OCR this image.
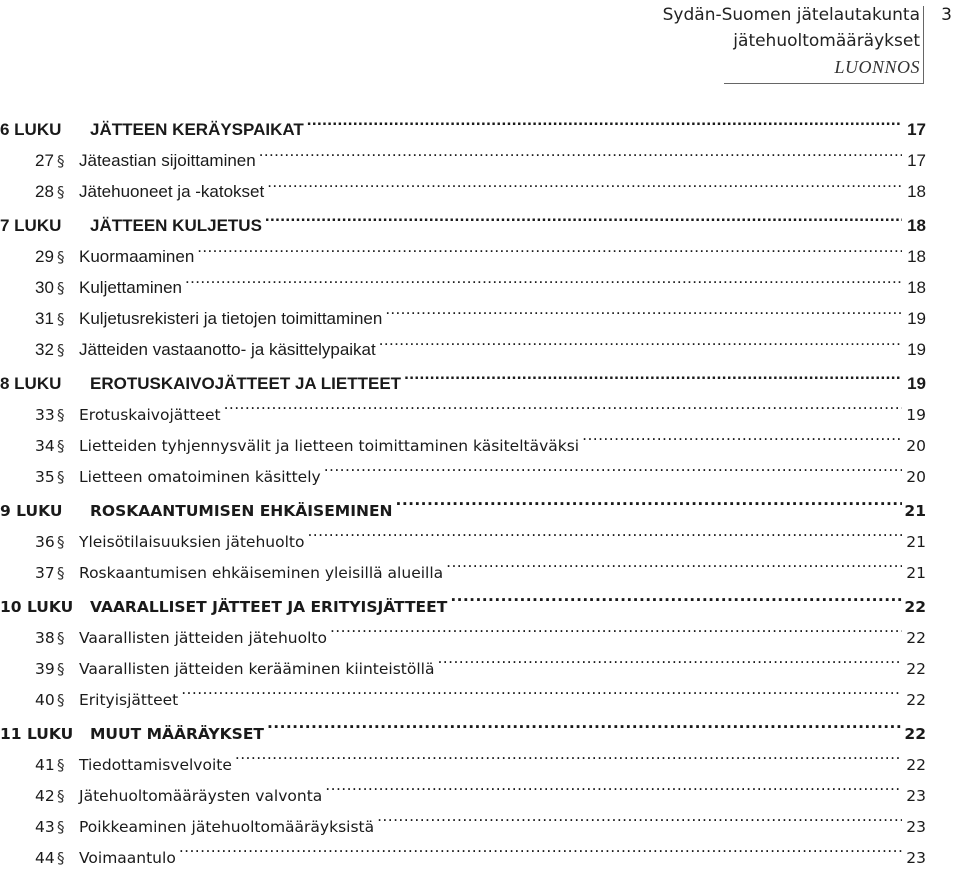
Sydän-Suomen jätelautakunta
jätehuoltomääräykset
LUONNOS
3
6 LUKU	JÄTTEEN KERÄYSPAIKAT .....	17
27 § Jäteastian sijoittaminen .....	17
28 § Jätehuoneet ja -katokset .....	18
7 LUKU	JÄTTEEN KULJETUS .....	18
29 § Kuormaaminen .....	18
30 § Kuljettaminen .....	18
31 § Kuljetusrekisteri ja tietojen toimittaminen .....	19
32 § Jätteiden vastaanotto- ja käsittelypaikat .....	19
8 LUKU	EROTUSKAIVOJÄTTEET JA LIETTEET .....	19
33 § Erotuskaivojätteet .....	19
34 § Lietteiden tyhjennysvälit ja lietteen toimittaminen käsiteltäväksi .....	20
35 § Lietteen omatoiminen käsittely .....	20
9 LUKU	ROSKAANTUMISEN EHKÄISEMINEN .....	21
36 § Yleisötilaisuuksien jätehuolto .....	21
37 § Roskaantumisen ehkäiseminen yleisillä alueilla .....	21
10 LUKU	VAARALLISET JÄTTEET JA ERITYISJÄTTEET .....	22
38 § Vaarallisten jätteiden jätehuolto .....	22
39 § Vaarallisten jätteiden kerääminen kiinteistöllä .....	22
40 § Erityisjätteet .....	22
11 LUKU	MUUT MÄÄRÄYKSET .....	22
41 § Tiedottamisvelvoite .....	22
42 § Jätehuoltomääräysten valvonta .....	23
43 § Poikkeaminen jätehuoltomääräyksistä .....	23
44 § Voimaantulo .....	23
